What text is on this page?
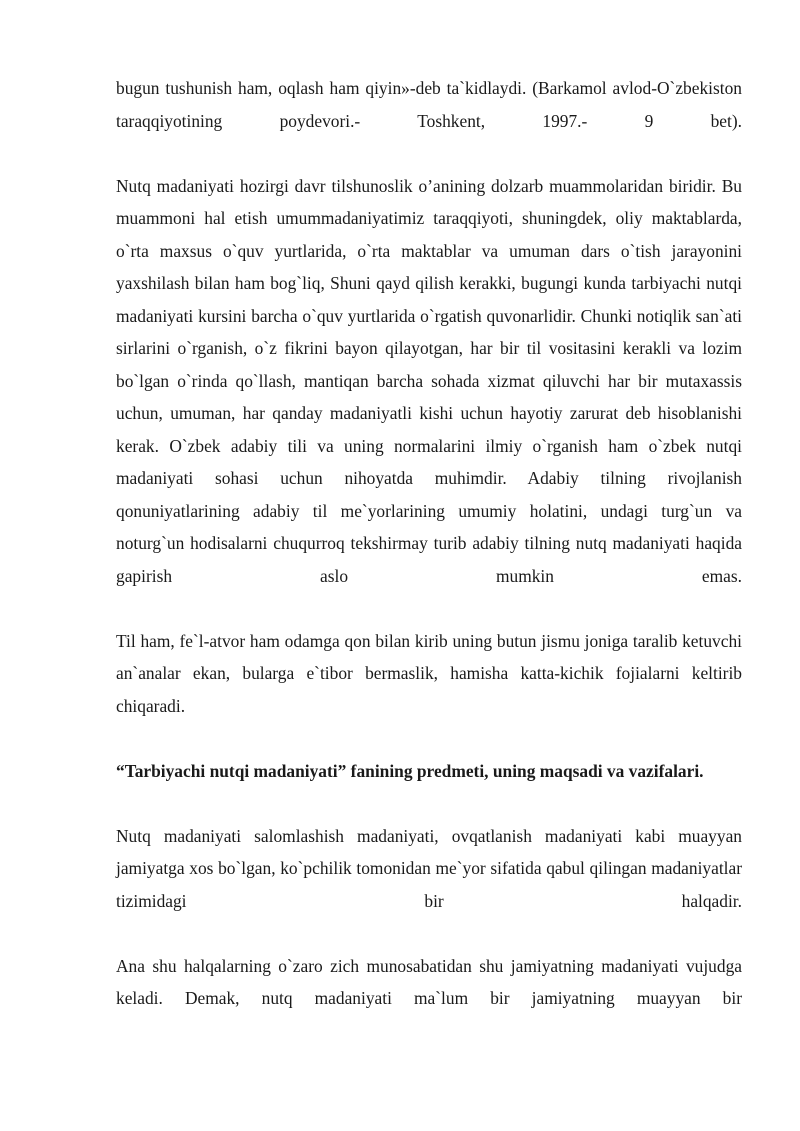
bugun tushunish ham, oqlash ham qiyin»-deb ta`kidlaydi. (Barkamol avlod-O`zbekiston taraqqiyotining poydevori.- Toshkent, 1997.- 9 bet).

Nutq madaniyati hozirgi davr tilshunoslik o’anining dolzarb muammolaridan biridir. Bu muammoni hal etish umummadaniyatimiz taraqqiyoti, shuningdek, oliy maktablarda, o`rta maxsus o`quv yurtlarida, o`rta maktablar va umuman dars o`tish jarayonini yaxshilash bilan ham bog`liq, Shuni qayd qilish kerakki, bugungi kunda tarbiyachi nutqi madaniyati kursini barcha o`quv yurtlarida o`rgatish quvonarlidir. Chunki notiqlik san`ati sirlarini o`rganish, o`z fikrini bayon qilayotgan, har bir til vositasini kerakli va lozim bo`lgan o`rinda qo`llash, mantiqan barcha sohada xizmat qiluvchi har bir mutaxassis uchun, umuman, har qanday madaniyatli kishi uchun hayotiy zarurat deb hisoblanishi kerak. O`zbek adabiy tili va uning normalarini ilmiy o`rganish ham o`zbek nutqi madaniyati sohasi uchun nihoyatda muhimdir. Adabiy tilning rivojlanish qonuniyatlarining adabiy til me`yorlarining umumiy holatini, undagi turg`un va noturg`un hodisalarni chuqurroq tekshirmay turib adabiy tilning nutq madaniyati haqida gapirish aslo mumkin emas.

Til ham, fe`l-atvor ham odamga qon bilan kirib uning butun jismu joniga taralib ketuvchi an`analar ekan, bularga e`tibor bermaslik, hamisha katta-kichik fojialarni keltirib chiqaradi.

“Tarbiyachi nutqi madaniyati” fanining predmeti, uning maqsadi va vazifalari.

Nutq madaniyati salomlashish madaniyati, ovqatlanish madaniyati kabi muayyan jamiyatga xos bo`lgan, ko`pchilik tomonidan me`yor sifatida qabul qilingan madaniyatlar tizimidagi bir halqadir.

Ana shu halqalarning o`zaro zich munosabatidan shu jamiyatning madaniyati vujudga keladi. Demak, nutq madaniyati ma`lum bir jamiyatning muayyan bir
